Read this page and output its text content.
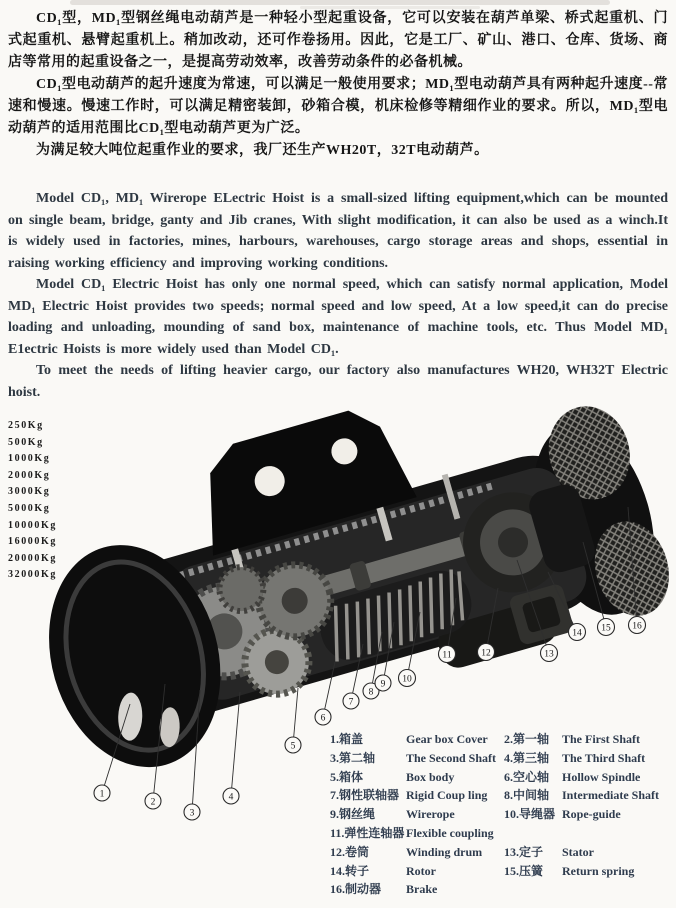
CD₁型，MD₁型钢丝绳电动葫芦是一种轻小型起重设备，它可以安装在葫芦单梁、桥式起重机、门式起重机、悬臂起重机上。稍加改动，还可作卷扬用。因此，它是工厂、矿山、港口、仓库、货场、商店等常用的起重设备之一，是提高劳动效率，改善劳动条件的必备机械。

CD₁型电动葫芦的起升速度为常速，可以满足一般使用要求；MD₁型电动葫芦具有两种起升速度--常速和慢速。慢速工作时，可以满足精密装卸，砂箱合模，机床检修等精细作业的要求。所以，MD₁型电动葫芦的适用范围比CD₁型电动葫芦更为广泛。

为满足较大吨位起重作业的要求，我厂还生产WH20T，32T电动葫芦。

Model CD₁, MD₁ Wirerope ELectric Hoist is a small-sized lifting equipment,which can be mounted on single beam, bridge, ganty and Jib cranes, With slight modification, it can also be used as a winch.It is widely used in factories, mines, harbours, warehouses, cargo storage areas and shops, essential in raising working efficiency and improving working conditions.

Model CD₁ Electric Hoist has only one normal speed, which can satisfy normal application, Model MD₁ Electric Hoist provides two speeds; normal speed and low speed, At a low speed,it can do precise loading and unloading, mounding of sand box, maintenance of machine tools, etc. Thus Model MD₁ E1ectric Hoists is more widely used than Model CD₁.

To meet the needs of lifting heavier cargo, our factory also manufactures WH20, WH32T Electric hoist.

1
2
3
4
5
6
7
8
9 10
11	12	13
14 15 16
250Kg
500Kg
1000Kg
2000Kg
3000Kg
5000Kg
10000Kg
16000Kg
20000Kg
32000Kg
1.箱盖	Gear box Cover	2.第一轴	The First Shaft
3.第二轴	The Second Shaft 4.第三轴	The Third Shaft
5.箱体	Box body	6.空心轴	Hollow Spindle
7.钢性联轴器 Rigid Coup ling	8.中间轴	Intermediate Shaft
9.钢丝绳	Wirerope	10.导绳器 Rope-guide
11.弹性连轴器 Flexible coupling
12.卷筒	Winding drum	13.定子	Stator
14.转子	Rotor	15.压簧	Return spring
16.制动器	Brake
